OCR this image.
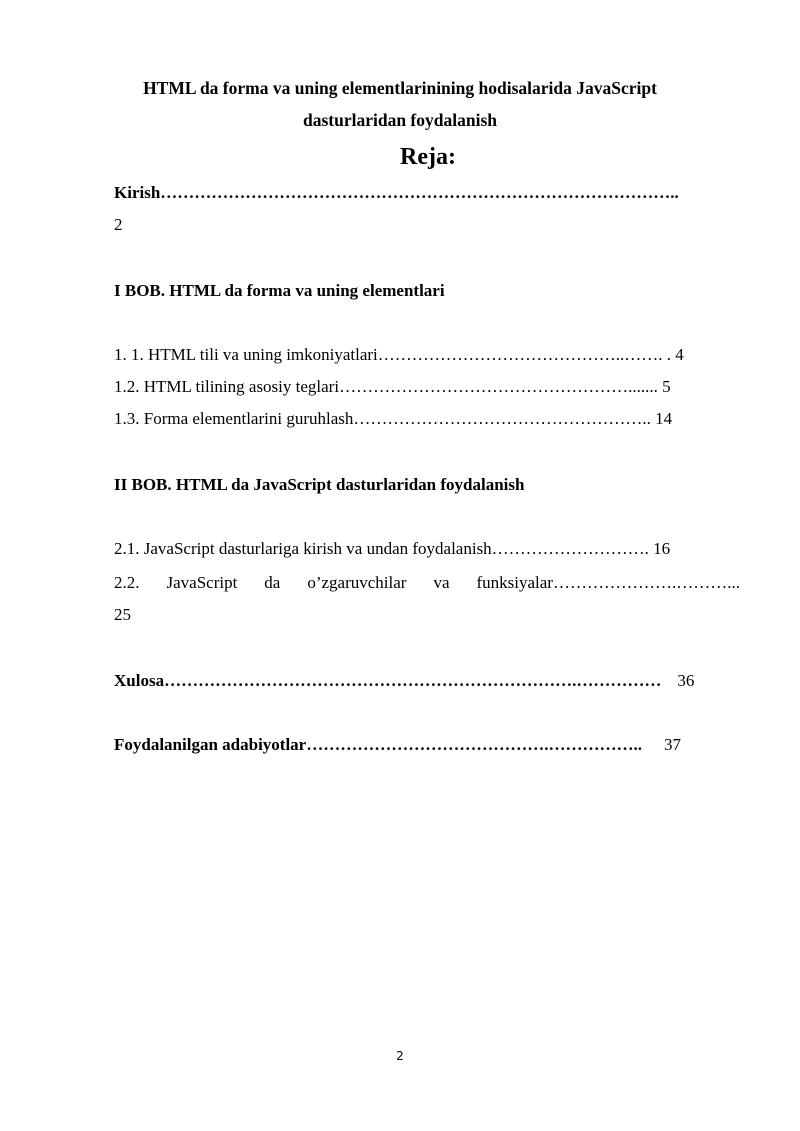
HTML da forma va uning elementlarinining hodisalarida JavaScript

dasturlaridan foydalanish

Reja:

Kirish………………………………………………………………………………..

2

I BOB. HTML da forma va uning elementlari

1. 1. HTML tili va uning imkoniyatlari……………………………………..……. . 4

1.2. HTML tilining asosiy teglari……………………………………………....... 5

1.3. Forma elementlarini guruhlash…………………………………………….. 14

II BOB. HTML da JavaScript dasturlaridan foydalanish

2.1. JavaScript dasturlariga kirish va undan foydalanish………………………. 16

2.2. JavaScript da o’zgaruvchilar va funksiyalar………………….………...

25

Xulosa……………………………………………………………….…………… 36

Foydalanilgan adabiyotlar…………………………………….…………….. 37

2
